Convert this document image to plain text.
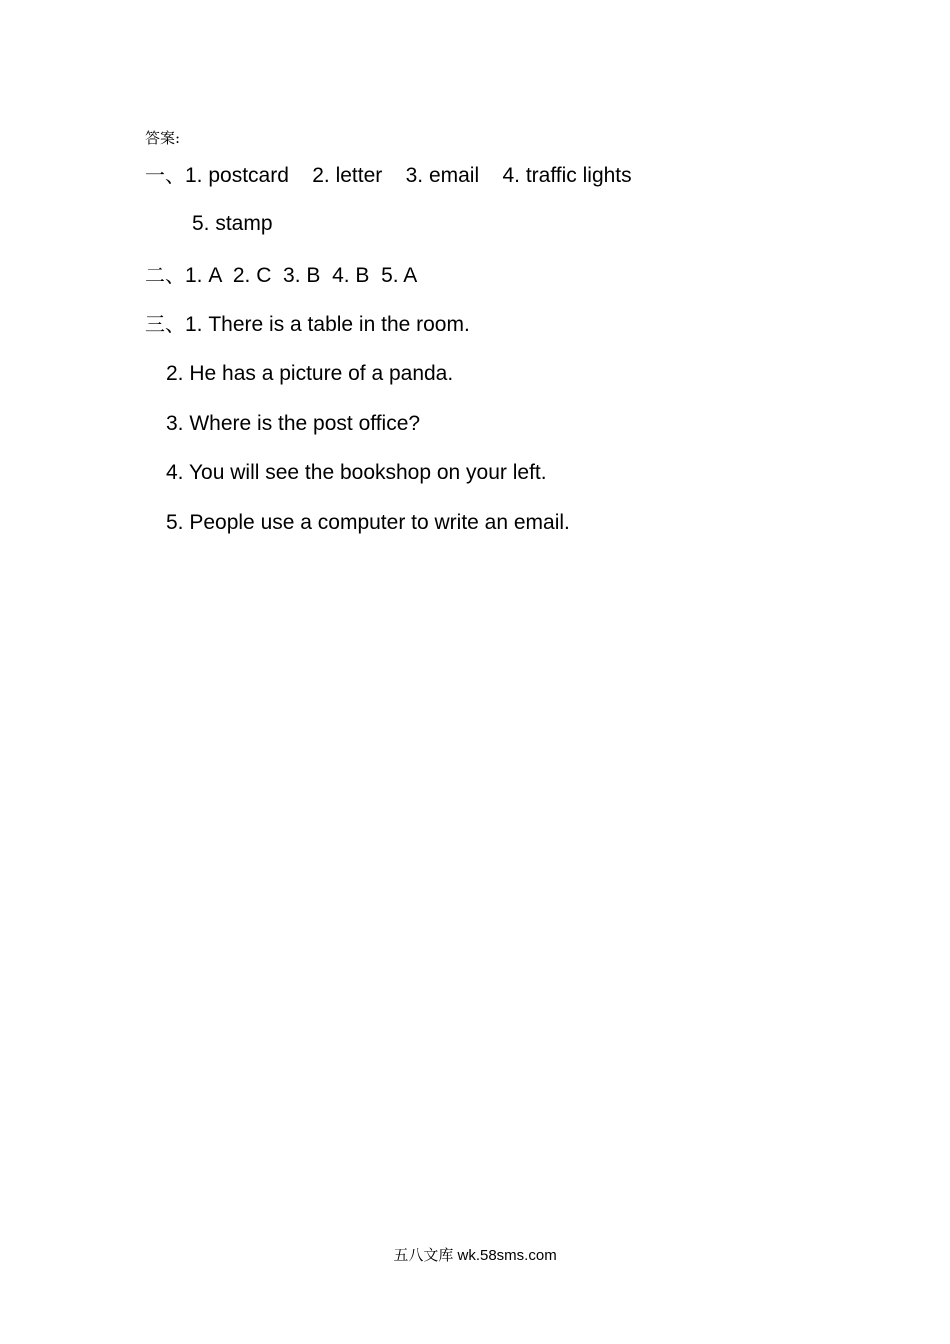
答案:
一、1. postcard    2. letter    3. email    4. traffic lights
5. stamp
二、1. A  2. C  3. B  4. B  5. A
三、1. There is a table in the room.
2. He has a picture of a panda.
3. Where is the post office?
4. You will see the bookshop on your left.
5. People use a computer to write an email.
五八文库 wk.58sms.com
